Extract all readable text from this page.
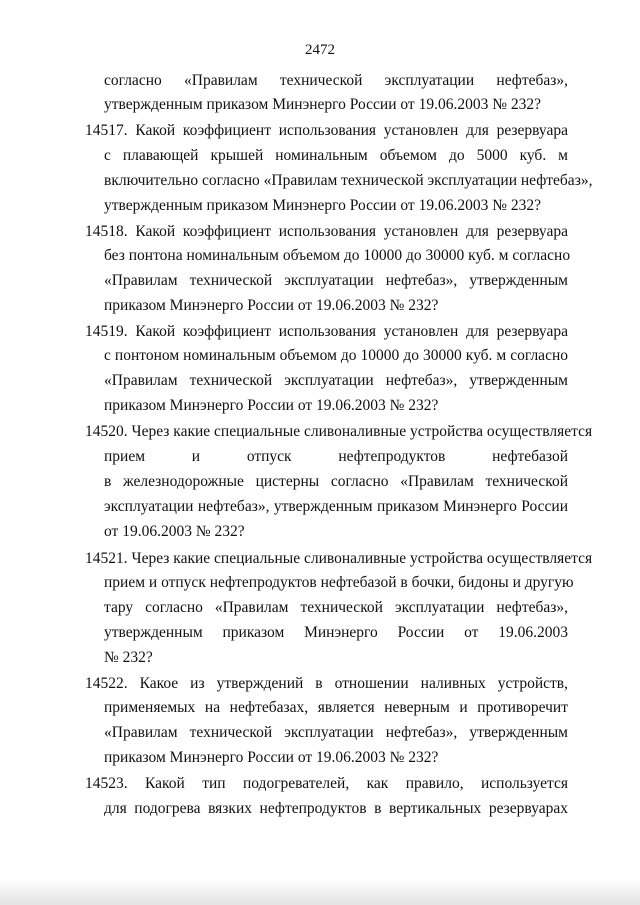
2472
согласно «Правилам технической эксплуатации нефтебаз»,
утвержденным приказом Минэнерго России от 19.06.2003 № 232?
14517. Какой коэффициент использования установлен для резервуара
с плавающей крышей номинальным объемом до 5000 куб. м
включительно согласно «Правилам технической эксплуатации нефтебаз»,
утвержденным приказом Минэнерго России от 19.06.2003 № 232?
14518. Какой коэффициент использования установлен для резервуара
без понтона номинальным объемом до 10000 до 30000 куб. м согласно
«Правилам технической эксплуатации нефтебаз», утвержденным
приказом Минэнерго России от 19.06.2003 № 232?
14519. Какой коэффициент использования установлен для резервуара
с понтоном номинальным объемом до 10000 до 30000 куб. м согласно
«Правилам технической эксплуатации нефтебаз», утвержденным
приказом Минэнерго России от 19.06.2003 № 232?
14520. Через какие специальные сливоналивные устройства осуществляется
прием и отпуск нефтепродуктов нефтебазой
в железнодорожные цистерны согласно «Правилам технической
эксплуатации нефтебаз», утвержденным приказом Минэнерго России
от 19.06.2003 № 232?
14521. Через какие специальные сливоналивные устройства осуществляется
прием и отпуск нефтепродуктов нефтебазой в бочки, бидоны и другую
тару согласно «Правилам технической эксплуатации нефтебаз»,
утвержденным приказом Минэнерго России от 19.06.2003
№ 232?
14522. Какое из утверждений в отношении наливных устройств,
применяемых на нефтебазах, является неверным и противоречит
«Правилам технической эксплуатации нефтебаз», утвержденным
приказом Минэнерго России от 19.06.2003 № 232?
14523. Какой тип подогревателей, как правило, используется
для подогрева вязких нефтепродуктов в вертикальных резервуарах
